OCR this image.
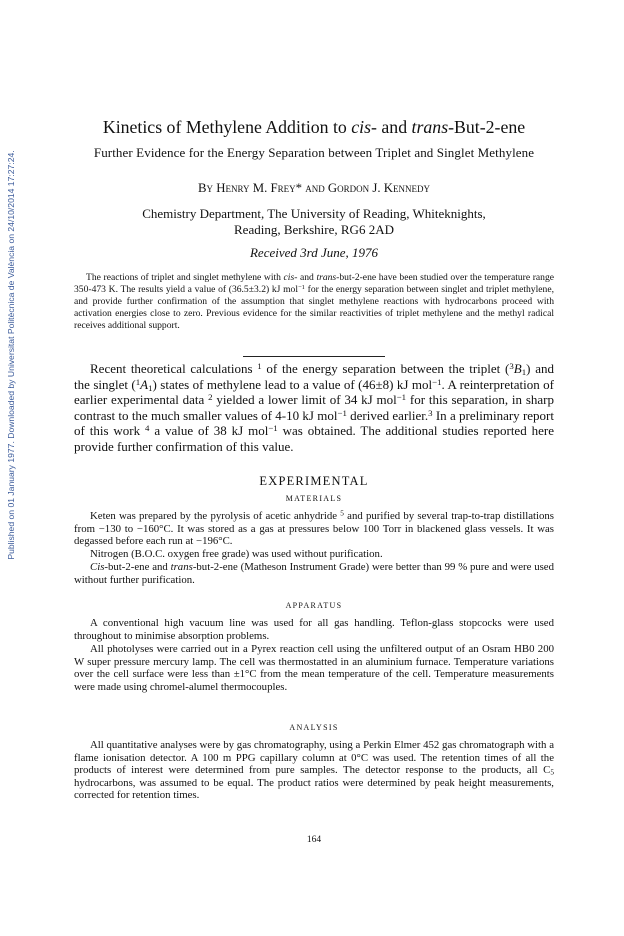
Published on 01 January 1977. Downloaded by Universitat Politècnica de València on 24/10/2014 17:27:24.
Kinetics of Methylene Addition to cis- and trans-But-2-ene
Further Evidence for the Energy Separation between Triplet and Singlet Methylene
By Henry M. Frey* and Gordon J. Kennedy
Chemistry Department, The University of Reading, Whiteknights,
Reading, Berkshire, RG6 2AD
Received 3rd June, 1976
The reactions of triplet and singlet methylene with cis- and trans-but-2-ene have been studied over the temperature range 350-473 K. The results yield a value of (36.5±3.2) kJ mol$^{-1}$ for the energy separation between singlet and triplet methylene, and provide further confirmation of the assumption that singlet methylene reactions with hydrocarbons proceed with activation energies close to zero. Previous evidence for the similar reactivities of triplet methylene and the methyl radical receives additional support.
Recent theoretical calculations $^1$ of the energy separation between the triplet $(^3B_1)$ and the singlet $(^1A_1)$ states of methylene lead to a value of (46±8) kJ mol$^{-1}$. A reinterpretation of earlier experimental data $^2$ yielded a lower limit of 34 kJ mol$^{-1}$ for this separation, in sharp contrast to the much smaller values of 4-10 kJ mol$^{-1}$ derived earlier.$^3$ In a preliminary report of this work $^4$ a value of 38 kJ mol$^{-1}$ was obtained. The additional studies reported here provide further confirmation of this value.
EXPERIMENTAL
MATERIALS
Keten was prepared by the pyrolysis of acetic anhydride $^5$ and purified by several trap-to-trap distillations from −130 to −160°C. It was stored as a gas at pressures below 100 Torr in blackened glass vessels. It was degassed before each run at −196°C.
Nitrogen (B.O.C. oxygen free grade) was used without purification.
Cis-but-2-ene and trans-but-2-ene (Matheson Instrument Grade) were better than 99 % pure and were used without further purification.
APPARATUS
A conventional high vacuum line was used for all gas handling. Teflon-glass stopcocks were used throughout to minimise absorption problems.
All photolyses were carried out in a Pyrex reaction cell using the unfiltered output of an Osram HB0 200 W super pressure mercury lamp. The cell was thermostatted in an aluminium furnace. Temperature variations over the cell surface were less than ±1°C from the mean temperature of the cell. Temperature measurements were made using chromel-alumel thermocouples.
ANALYSIS
All quantitative analyses were by gas chromatography, using a Perkin Elmer 452 gas chromatograph with a flame ionisation detector. A 100 m PPG capillary column at 0°C was used. The retention times of all the products of interest were determined from pure samples. The detector response to the products, all $C_5$ hydrocarbons, was assumed to be equal. The product ratios were determined by peak height measurements, corrected for retention times.
164
